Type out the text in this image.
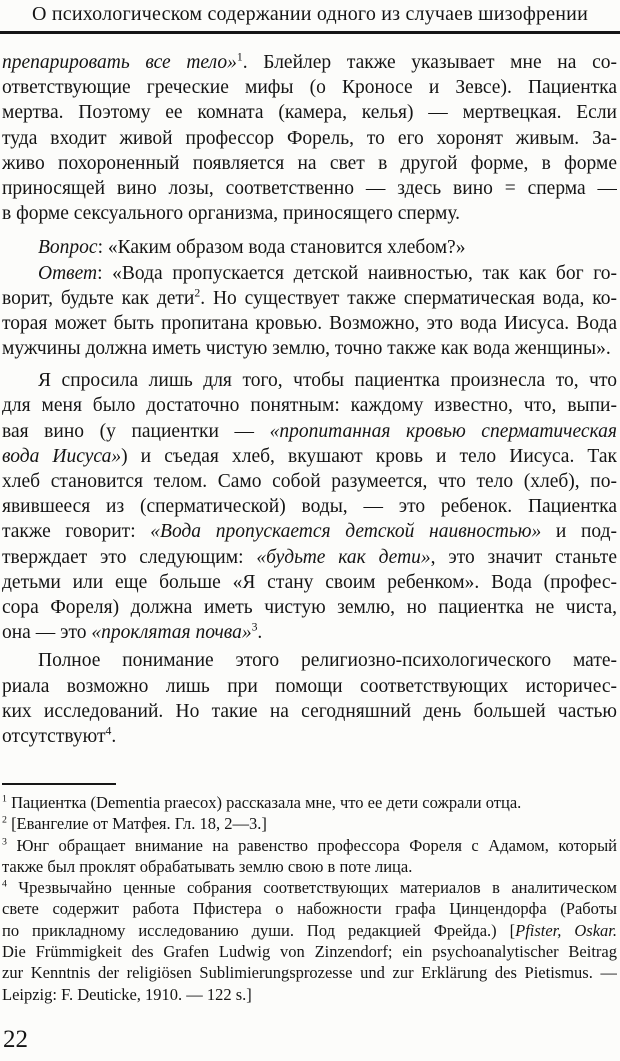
О психологическом содержании одного из случаев шизофрении
препарировать все тело»$^1$. Блейлер также указывает мне на со-
ответствующие греческие мифы (о Кроносе и Зевсе). Пациентка
мертва. Поэтому ее комната (камера, келья) — мертвецкая. Если
туда входит живой профессор Форель, то его хоронят живым. За-
живо похороненный появляется на свет в другой форме, в форме
приносящей вино лозы, соответственно — здесь вино = сперма —
в форме сексуального организма, приносящего сперму.
Вопрос: «Каким образом вода становится хлебом?»
Ответ: «Вода пропускается детской наивностью, так как бог го-
ворит, будьте как дети$^2$. Но существует также сперматическая вода, ко-
торая может быть пропитана кровью. Возможно, это вода Иисуса. Вода
мужчины должна иметь чистую землю, точно также как вода женщины».
Я спросила лишь для того, чтобы пациентка произнесла то, что
для меня было достаточно понятным: каждому известно, что, выпи-
вая вино (у пациентки — «пропитанная кровью сперматическая
вода Иисуса») и съедая хлеб, вкушают кровь и тело Иисуса. Так
хлеб становится телом. Само собой разумеется, что тело (хлеб), по-
явившееся из (сперматической) воды, — это ребенок. Пациентка
также говорит: «Вода пропускается детской наивностью» и под-
тверждает это следующим: «будьте как дети», это значит станьте
детьми или еще больше «Я стану своим ребенком». Вода (профес-
сора Фореля) должна иметь чистую землю, но пациентка не чиста,
она — это «проклятая почва»$^3$.
Полное понимание этого религиозно-психологического мате-
риала возможно лишь при помощи соответствующих историчес-
ких исследований. Но такие на сегодняшний день большей частью
отсутствуют$^4$.
$^1$ Пациентка (Dementia praecox) рассказала мне, что ее дети сожрали отца.
$^2$ [Евангелие от Матфея. Гл. 18, 2—3.]
$^3$ Юнг обращает внимание на равенство профессора Фореля с Адамом, который
также был проклят обрабатывать землю свою в поте лица.
$^4$ Чрезвычайно ценные собрания соответствующих материалов в аналитическом
свете содержит работа Пфистера о набожности графа Цинцендорфа (Работы
по прикладному исследованию души. Под редакцией Фрейда.) [Pfister, Oskar.
Die Frümmigkeit des Grafen Ludwig von Zinzendorf; ein psychoanalytischer Beitrag
zur Kenntnis der religiösen Sublimierungsprozesse und zur Erklärung des Pietismus. —
Leipzig: F. Deuticke, 1910. — 122 s.]
22
